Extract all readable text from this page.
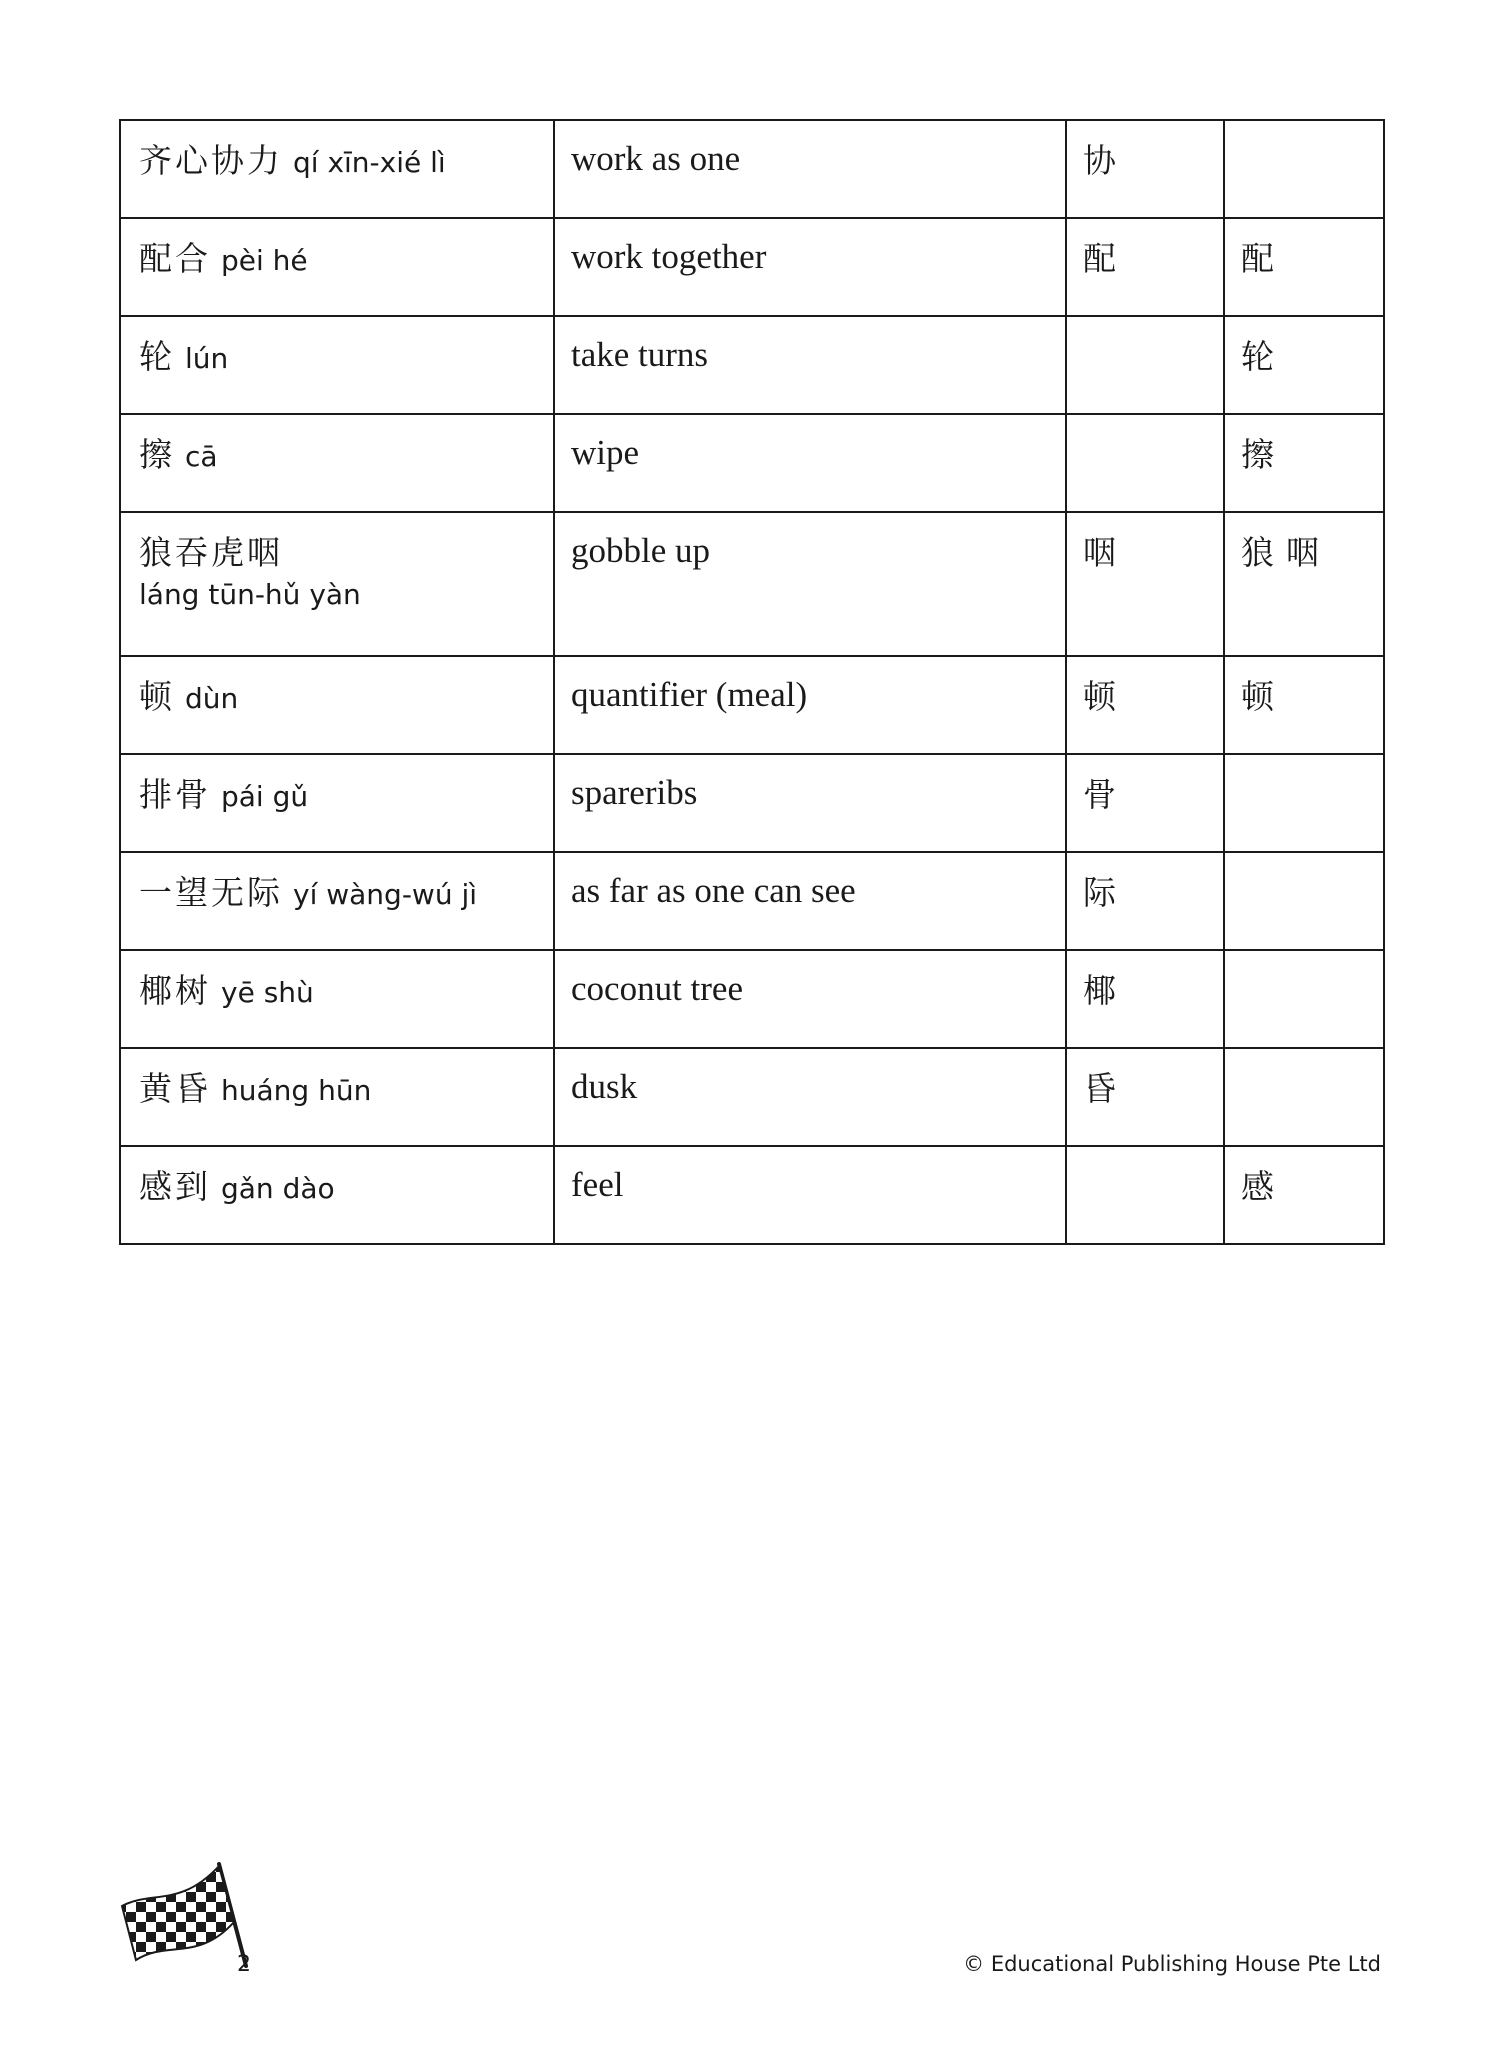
齐心协力 qí xīn-xié lì	work as one	协	
配合 pèi hé	work together	配	配
轮 lún	take turns		轮
擦 cā	wipe		擦
狼吞虎咽
láng tūn-hǔ yàn	gobble up	咽	狼咽
顿 dùn	quantifier (meal)	顿	顿
排骨 pái gǔ	spareribs	骨	
一望无际 yí wàng-wú jì	as far as one can see	际	
椰树 yē shù	coconut tree	椰	
黄昏 huáng hūn	dusk	昏	
感到 gǎn dào	feel		感
2	© Educational Publishing House Pte Ltd
